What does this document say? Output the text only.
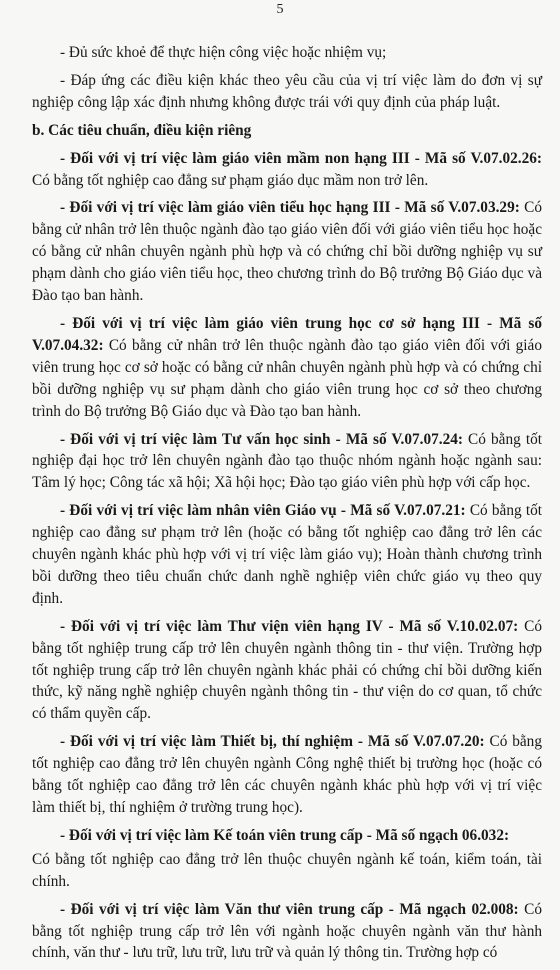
5

- Đủ sức khoẻ để thực hiện công việc hoặc nhiệm vụ;

- Đáp ứng các điều kiện khác theo yêu cầu của vị trí việc làm do đơn vị sự nghiệp công lập xác định nhưng không được trái với quy định của pháp luật.

b. Các tiêu chuẩn, điều kiện riêng

- Đối với vị trí việc làm giáo viên mầm non hạng III - Mã số V.07.02.26: Có bằng tốt nghiệp cao đẳng sư phạm giáo dục mầm non trở lên.

- Đối với vị trí việc làm giáo viên tiểu học hạng III - Mã số V.07.03.29: Có bằng cử nhân trở lên thuộc ngành đào tạo giáo viên đối với giáo viên tiểu học hoặc có bằng cử nhân chuyên ngành phù hợp và có chứng chỉ bồi dưỡng nghiệp vụ sư phạm dành cho giáo viên tiểu học, theo chương trình do Bộ trưởng Bộ Giáo dục và Đào tạo ban hành.

- Đối với vị trí việc làm giáo viên trung học cơ sở hạng III - Mã số V.07.04.32: Có bằng cử nhân trở lên thuộc ngành đào tạo giáo viên đối với giáo viên trung học cơ sở hoặc có bằng cử nhân chuyên ngành phù hợp và có chứng chỉ bồi dưỡng nghiệp vụ sư phạm dành cho giáo viên trung học cơ sở theo chương trình do Bộ trưởng Bộ Giáo dục và Đào tạo ban hành.

- Đối với vị trí việc làm Tư vấn học sinh - Mã số V.07.07.24: Có bằng tốt nghiệp đại học trở lên chuyên ngành đào tạo thuộc nhóm ngành hoặc ngành sau: Tâm lý học; Công tác xã hội; Xã hội học; Đào tạo giáo viên phù hợp với cấp học.

- Đối với vị trí việc làm nhân viên Giáo vụ - Mã số V.07.07.21: Có bằng tốt nghiệp cao đẳng sư phạm trở lên (hoặc có bằng tốt nghiệp cao đẳng trở lên các chuyên ngành khác phù hợp với vị trí việc làm giáo vụ); Hoàn thành chương trình bồi dưỡng theo tiêu chuẩn chức danh nghề nghiệp viên chức giáo vụ theo quy định.

- Đối với vị trí việc làm Thư viện viên hạng IV - Mã số V.10.02.07: Có bằng tốt nghiệp trung cấp trở lên chuyên ngành thông tin - thư viện. Trường hợp tốt nghiệp trung cấp trở lên chuyên ngành khác phải có chứng chỉ bồi dưỡng kiến thức, kỹ năng nghề nghiệp chuyên ngành thông tin - thư viện do cơ quan, tổ chức có thẩm quyền cấp.

- Đối với vị trí việc làm Thiết bị, thí nghiệm - Mã số V.07.07.20: Có bằng tốt nghiệp cao đẳng trở lên chuyên ngành Công nghệ thiết bị trường học (hoặc có bằng tốt nghiệp cao đẳng trở lên các chuyên ngành khác phù hợp với vị trí việc làm thiết bị, thí nghiệm ở trường trung học).

- Đối với vị trí việc làm Kế toán viên trung cấp - Mã số ngạch 06.032:

Có bằng tốt nghiệp cao đẳng trở lên thuộc chuyên ngành kế toán, kiểm toán, tài chính.

- Đối với vị trí việc làm Văn thư viên trung cấp - Mã ngạch 02.008: Có bằng tốt nghiệp trung cấp trở lên với ngành hoặc chuyên ngành văn thư hành chính, văn thư - lưu trữ, lưu trữ, lưu trữ và quản lý thông tin. Trường hợp có
